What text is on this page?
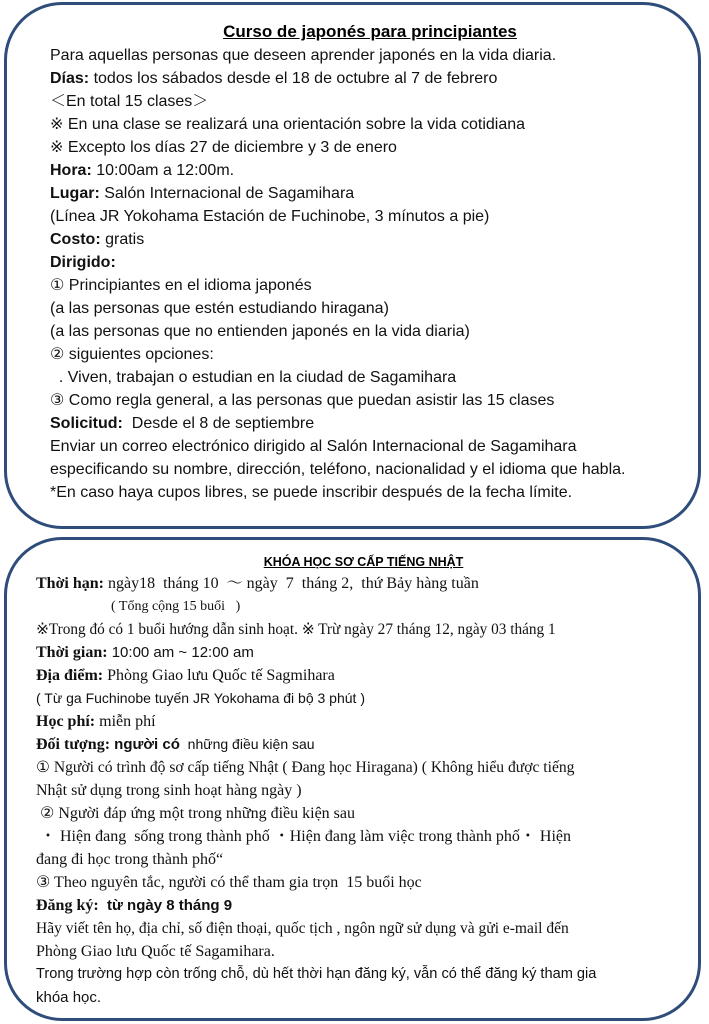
Curso de japonés para principiantes
Para aquellas personas que deseen aprender japonés en la vida diaria.
Días: todos los sábados desde el 18 de octubre al 7 de febrero
＜En total 15 clases＞
※ En una clase se realizará una orientación sobre la vida cotidiana
※ Excepto los días 27 de diciembre y 3 de enero
Hora: 10:00am a 12:00m.
Lugar: Salón Internacional de Sagamihara
(Línea JR Yokohama Estación de Fuchinobe, 3 mínutos a pie)
Costo: gratis
Dirigido:
① Principiantes en el idioma japonés
(a las personas que estén estudiando hiragana)
(a las personas que no entienden japonés en la vida diaria)
② siguientes opciones:
. Viven, trabajan o estudian en la ciudad de Sagamihara
③ Como regla general, a las personas que puedan asistir las 15 clases
Solicitud:  Desde el 8 de septiembre
Enviar un correo electrónico dirigido al Salón Internacional de Sagamihara
especificando su nombre, dirección, teléfono, nacionalidad y el idioma que habla.
*En caso haya cupos libres, se puede inscribir después de la fecha límite.
KHÓA HỌC SƠ CẤP TIẾNG NHẬT
Thời hạn: ngày18  tháng 10  ～ ngày  7  tháng 2,  thứ Bảy hàng tuần
( Tổng cộng 15 buổi   )
※Trong đó có 1 buổi hướng dẫn sinh hoạt. ※ Trừ ngày 27 tháng 12, ngày 03 tháng 1
Thời gian: 10:00 am ~ 12:00 am
Địa điểm: Phòng Giao lưu Quốc tế Sagmihara
( Từ ga Fuchinobe tuyến JR Yokohama đi bộ 3 phút )
Học phí: miễn phí
Đối tượng: người có  những điều kiện sau
① Người có trình độ sơ cấp tiếng Nhật ( Đang học Hiragana) ( Không hiểu được tiếng
Nhật sử dụng trong sinh hoạt hàng ngày )
② Người đáp ứng một trong những điều kiện sau
・ Hiện đang  sống trong thành phố ・Hiện đang làm việc trong thành phố・ Hiện
đang đi học trong thành phố“
③ Theo nguyên tắc, người có thể tham gia trọn  15 buổi học
Đăng ký:  từ ngày 8 tháng 9
Hãy viết tên họ, địa chỉ, số điện thoại, quốc tịch , ngôn ngữ sử dụng và gửi e-mail đến
Phòng Giao lưu Quốc tế Sagamihara.
Trong trường hợp còn trống chỗ, dù hết thời hạn đăng ký, vẫn có thể đăng ký tham gia
khóa học.
